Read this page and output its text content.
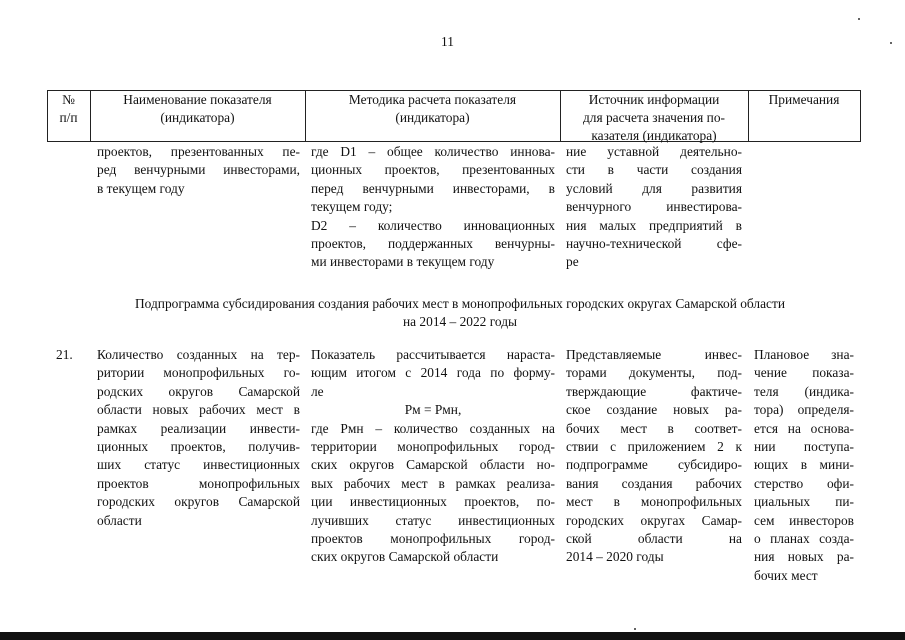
11
№
п/п
Наименование показателя
(индикатора)
Методика расчета показателя
(индикатора)
Источник информации
для расчета значения по-
казателя (индикатора)
Примечания
проектов, презентованных пе-
ред венчурными инвесторами,
в текущем году
где D1 – общее количество иннова-
ционных проектов, презентованных
перед венчурными инвесторами, в
текущем году;
D2 – количество инновационных
проектов, поддержанных венчурны-
ми инвесторами в текущем году
ние уставной деятельно-
сти в части создания
условий для развития
венчурного инвестирова-
ния малых предприятий в
научно-технической сфе-
ре
Подпрограмма субсидирования создания рабочих мест в монопрофильных городских округах Самарской области
на 2014 – 2022 годы
21.	Количество созданных на тер-
ритории монопрофильных го-
родских округов Самарской
области новых рабочих мест в
рамках реализации инвести-
ционных проектов, получив-
ших статус инвестиционных
проектов монопрофильных
городских округов Самарской
области
Показатель рассчитывается нараста-
ющим итогом с 2014 года по форму-
ле
Рм = Рмн,
где Рмн – количество созданных на
территории монопрофильных город-
ских округов Самарской области но-
вых рабочих мест в рамках реализа-
ции инвестиционных проектов, по-
лучивших статус инвестиционных
проектов монопрофильных город-
ских округов Самарской области
Представляемые инвес-
торами документы, под-
тверждающие фактиче-
ское создание новых ра-
бочих мест в соответ-
ствии с приложением 2 к
подпрограмме субсидиро-
вания создания рабочих
мест в монопрофильных
городских округах Самар-
ской области на
2014 – 2020 годы
Плановое зна-
чение показа-
теля (индика-
тора) определя-
ется на основа-
нии поступа-
ющих в мини-
стерство офи-
циальных пи-
сем инвесторов
о планах созда-
ния новых ра-
бочих мест
